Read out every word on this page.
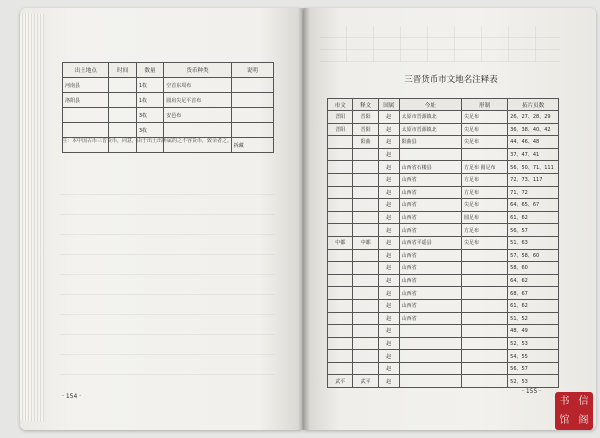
出土地点	时间	数量	货币种类	说明
河南县		1枚	空首东周布	
洛阳县		1枚	圆肩尖足平首布	
		3枚	安邑布	
		3枚		
				拆藏
注：本中国古币三晋货币，同意，由于出土出所属的之不容货币，致余者之。
· 154 ·
三晋货币市文地名注释表
市文	释文	国属	今址	形制	拓片页数
晋阳	晋阳	赵	太原市晋源镇北	尖足布	26、27、28、29
晋阳	晋阳	赵	太原市晋源镇北	尖足布	36、38、40、42
	阳曲	赵	阳曲县	尖足布	44、46、48
		赵			37、47、41
		赵	山西省石楼县	方足布 圆足布	56、50、71、111
		赵	山西省	方足布	72、73、117
		赵	山西省	方足布	71、72
		赵	山西省	尖足布	64、65、67
		赵	山西省	圆足布	61、62
		赵	山西省	方足布	56、57
中都	中都	赵	山西省平遥县	尖足布	51、63
		赵	山西省		57、58、60
		赵	山西省		58、60
		赵	山西省		64、62
		赵	山西省		68、67
		赵	山西省		61、62
		赵	山西省		51、52
		赵			48、49
		赵			52、53
		赵			54、55
		赵			56、57
武平	武平	赵			52、53
· 155 ·
书 信
馆 阁
